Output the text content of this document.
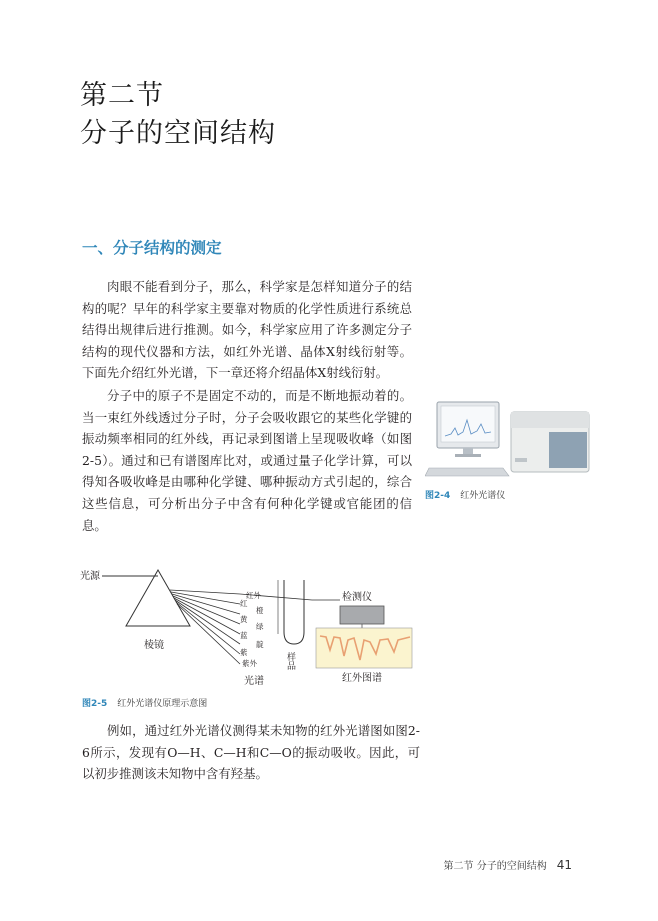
第二节
分子的空间结构
一、分子结构的测定

肉眼不能看到分子，那么，科学家是怎样知道分子的结构的呢？早年的科学家主要靠对物质的化学性质进行系统总结得出规律后进行推测。如今，科学家应用了许多测定分子结构的现代仪器和方法，如红外光谱、晶体X射线衍射等。下面先介绍红外光谱，下一章还将介绍晶体X射线衍射。

分子中的原子不是固定不动的，而是不断地振动着的。当一束红外线透过分子时，分子会吸收跟它的某些化学键的振动频率相同的红外线，再记录到图谱上呈现吸收峰（如图2-5）。通过和已有谱图库比对，或通过量子化学计算，可以得知各吸收峰是由哪种化学键、哪种振动方式引起的，综合这些信息，可分析出分子中含有何种化学键或官能团的信息。

图2-4 红外光谱仪
光源
棱镜
红外
红
橙
黄
绿
蓝
靛
紫
紫外
光谱
样品
检测仪
红外图谱
图2-5 红外光谱仪原理示意图

例如，通过红外光谱仪测得某未知物的红外光谱图如图2-6所示，发现有O—H、C—H和C—O的振动吸收。因此，可以初步推测该未知物中含有羟基。

第二节 分子的空间结构 41
